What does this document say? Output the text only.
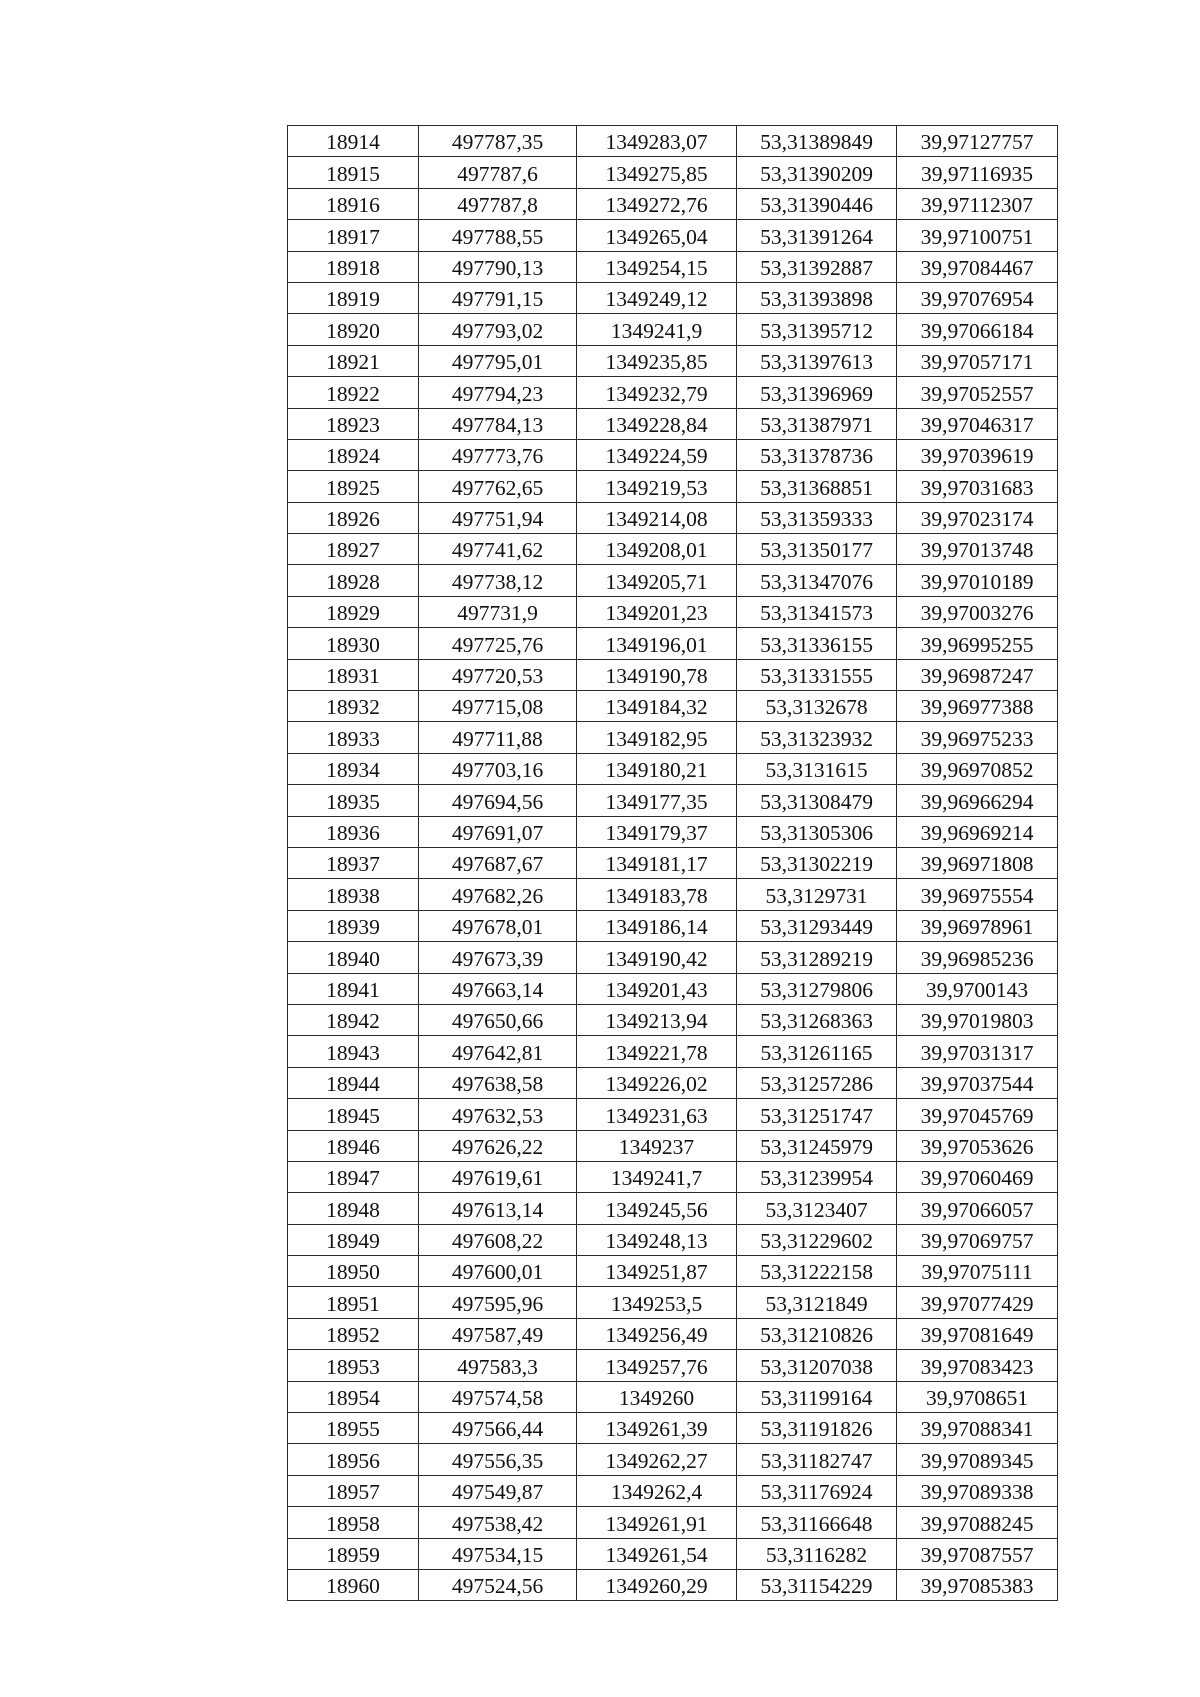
18914	497787,35	1349283,07	53,31389849	39,97127757
18915	497787,6	1349275,85	53,31390209	39,97116935
18916	497787,8	1349272,76	53,31390446	39,97112307
18917	497788,55	1349265,04	53,31391264	39,97100751
18918	497790,13	1349254,15	53,31392887	39,97084467
18919	497791,15	1349249,12	53,31393898	39,97076954
18920	497793,02	1349241,9	53,31395712	39,97066184
18921	497795,01	1349235,85	53,31397613	39,97057171
18922	497794,23	1349232,79	53,31396969	39,97052557
18923	497784,13	1349228,84	53,31387971	39,97046317
18924	497773,76	1349224,59	53,31378736	39,97039619
18925	497762,65	1349219,53	53,31368851	39,97031683
18926	497751,94	1349214,08	53,31359333	39,97023174
18927	497741,62	1349208,01	53,31350177	39,97013748
18928	497738,12	1349205,71	53,31347076	39,97010189
18929	497731,9	1349201,23	53,31341573	39,97003276
18930	497725,76	1349196,01	53,31336155	39,96995255
18931	497720,53	1349190,78	53,31331555	39,96987247
18932	497715,08	1349184,32	53,3132678	39,96977388
18933	497711,88	1349182,95	53,31323932	39,96975233
18934	497703,16	1349180,21	53,3131615	39,96970852
18935	497694,56	1349177,35	53,31308479	39,96966294
18936	497691,07	1349179,37	53,31305306	39,96969214
18937	497687,67	1349181,17	53,31302219	39,96971808
18938	497682,26	1349183,78	53,3129731	39,96975554
18939	497678,01	1349186,14	53,31293449	39,96978961
18940	497673,39	1349190,42	53,31289219	39,96985236
18941	497663,14	1349201,43	53,31279806	39,9700143
18942	497650,66	1349213,94	53,31268363	39,97019803
18943	497642,81	1349221,78	53,31261165	39,97031317
18944	497638,58	1349226,02	53,31257286	39,97037544
18945	497632,53	1349231,63	53,31251747	39,97045769
18946	497626,22	1349237	53,31245979	39,97053626
18947	497619,61	1349241,7	53,31239954	39,97060469
18948	497613,14	1349245,56	53,3123407	39,97066057
18949	497608,22	1349248,13	53,31229602	39,97069757
18950	497600,01	1349251,87	53,31222158	39,97075111
18951	497595,96	1349253,5	53,3121849	39,97077429
18952	497587,49	1349256,49	53,31210826	39,97081649
18953	497583,3	1349257,76	53,31207038	39,97083423
18954	497574,58	1349260	53,31199164	39,9708651
18955	497566,44	1349261,39	53,31191826	39,97088341
18956	497556,35	1349262,27	53,31182747	39,97089345
18957	497549,87	1349262,4	53,31176924	39,97089338
18958	497538,42	1349261,91	53,31166648	39,97088245
18959	497534,15	1349261,54	53,3116282	39,97087557
18960	497524,56	1349260,29	53,31154229	39,97085383
